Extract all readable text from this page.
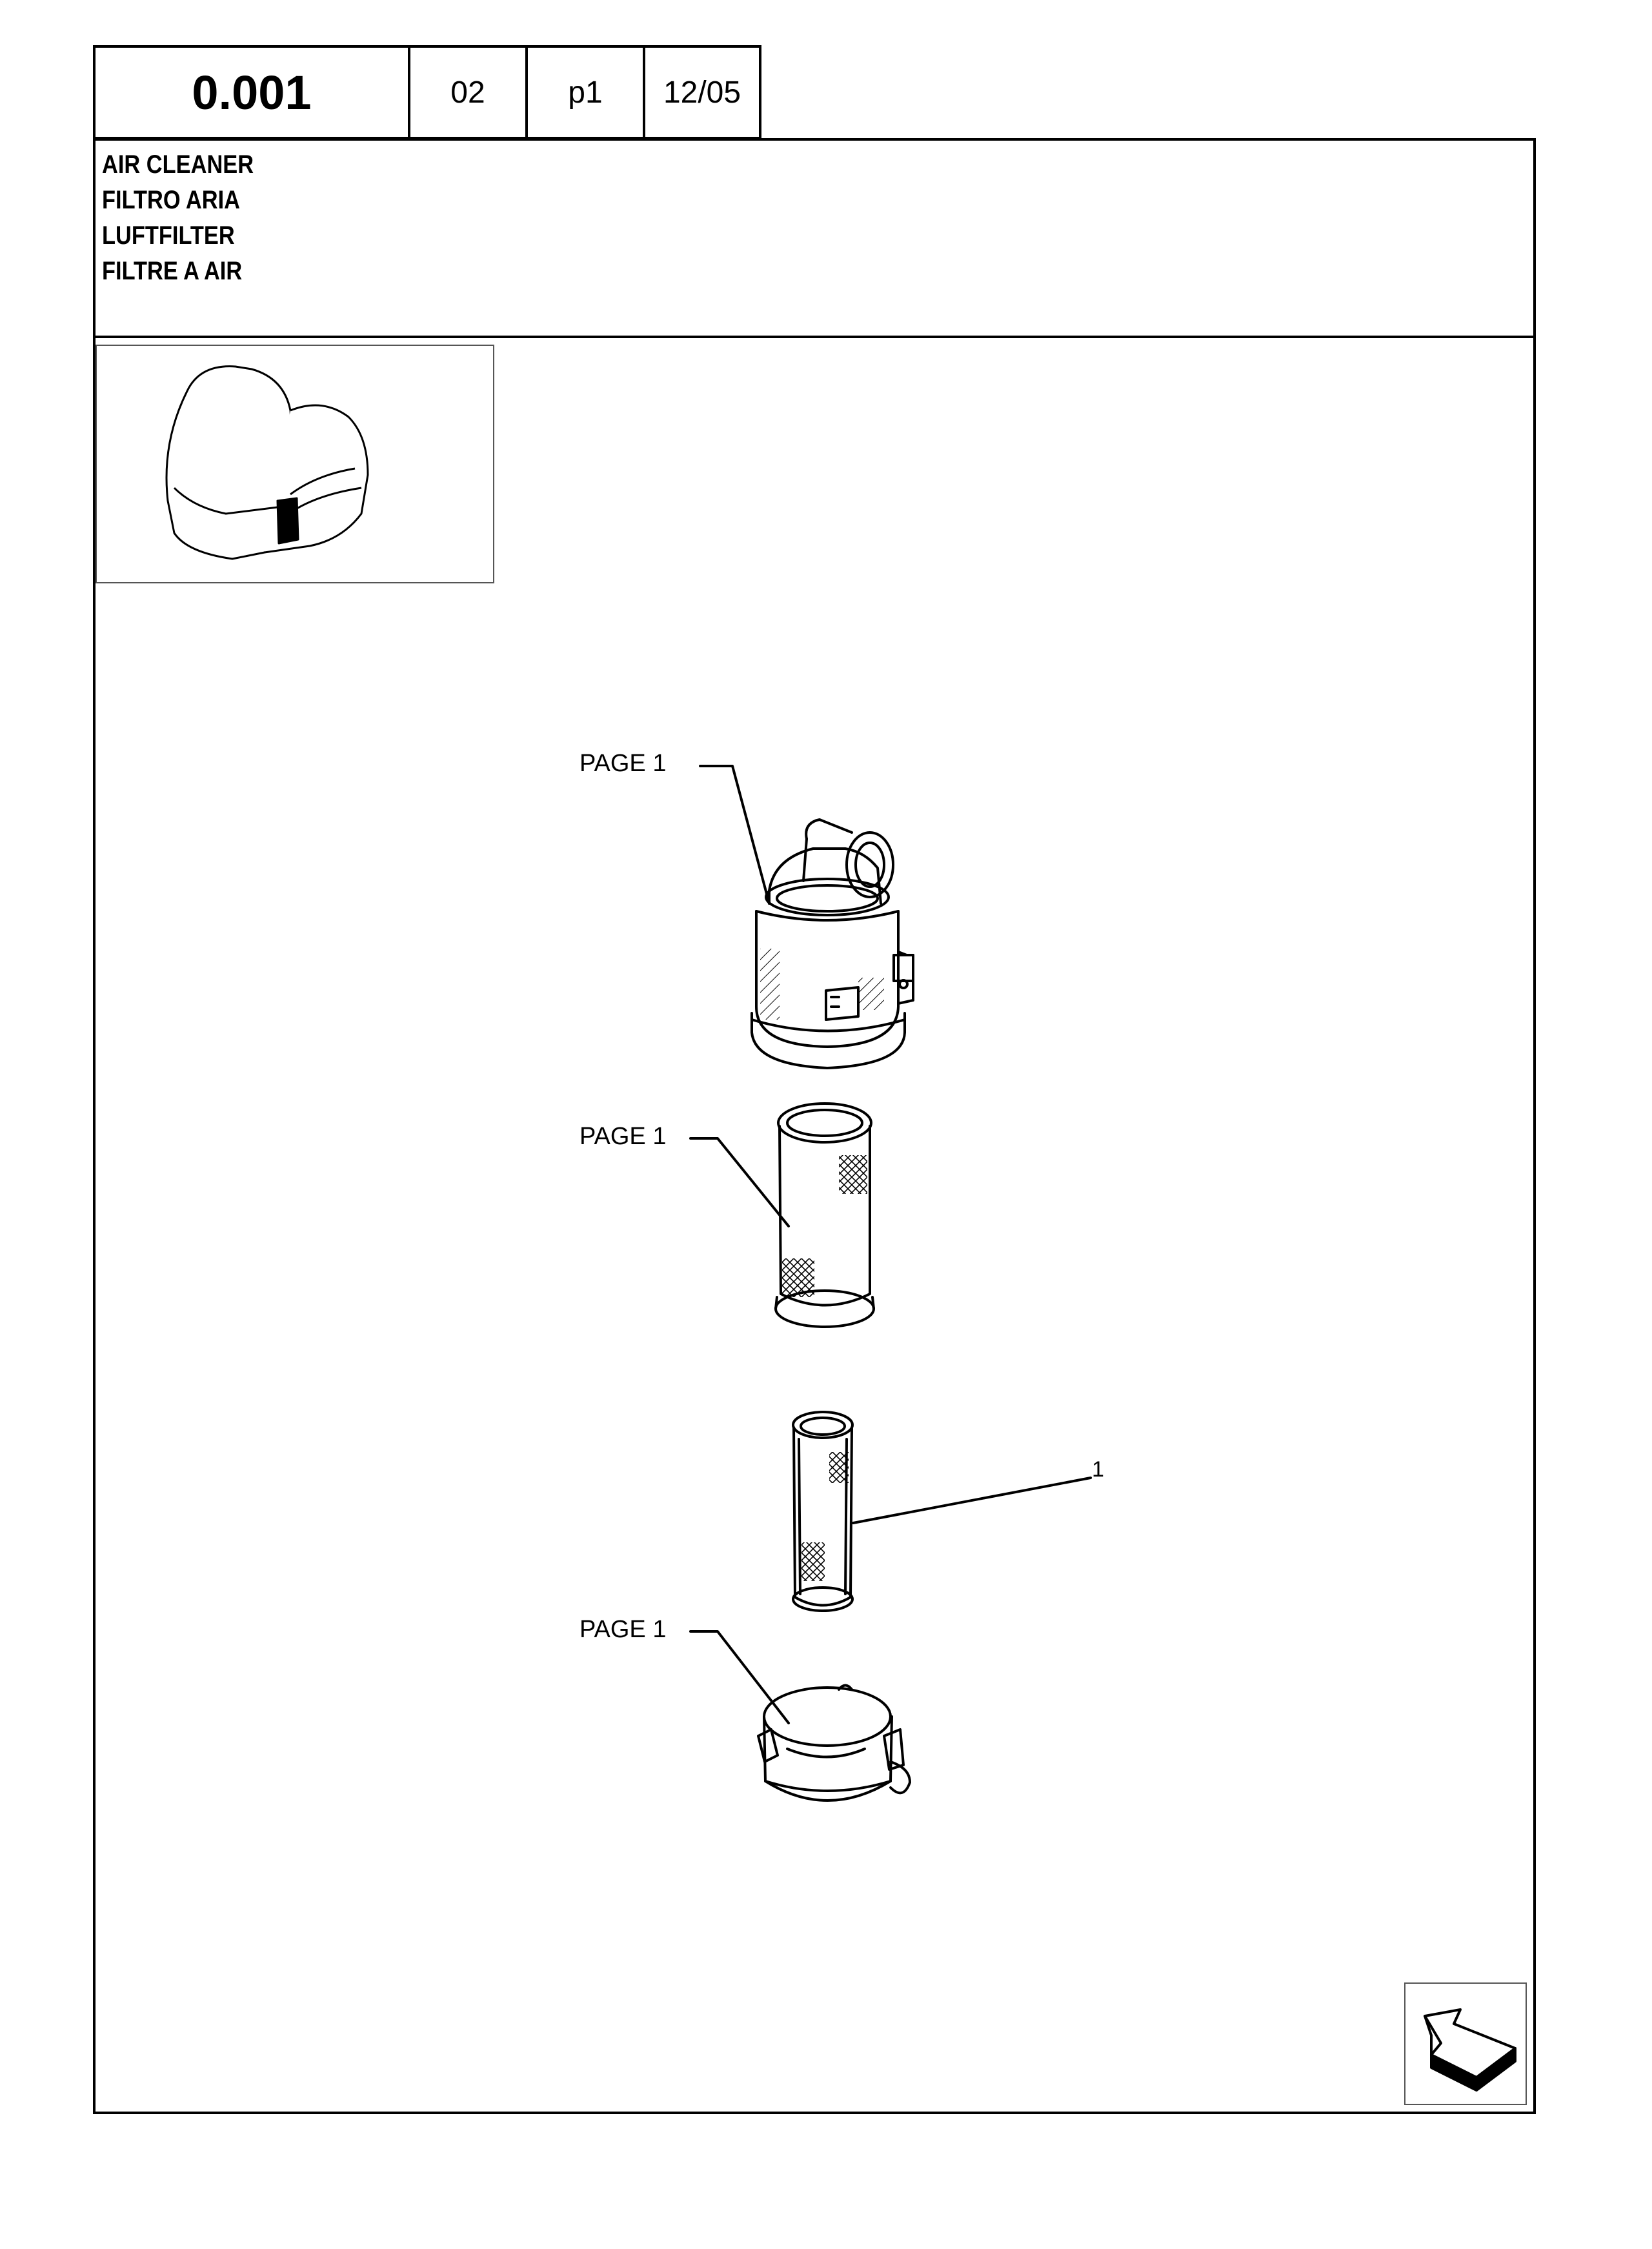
0.001	02	p1 12/05
AIR CLEANER
FILTRO ARIA
LUFTFILTER
FILTRE A AIR
PAGE 1
PAGE 1
PAGE 1
1
